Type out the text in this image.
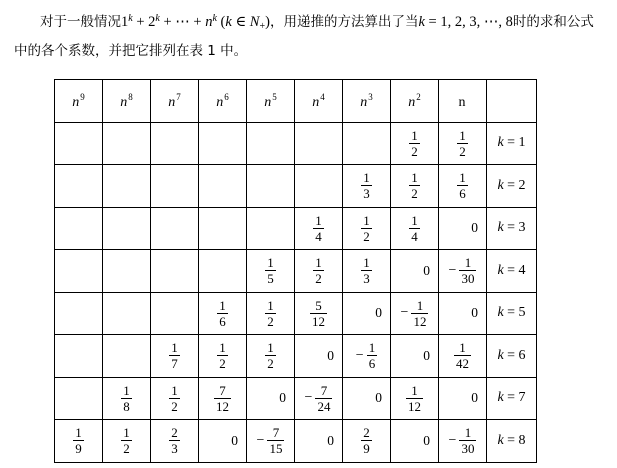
对于一般情况$1^k + 2^k$ + ⋯ + $n^k$ (k ∈ $N_+$)，用递推的方法算出了当k = 1, 2, 3, ⋯, 8时的求和公式
中的各个系数，并把它排列在表 1 中。
$n^9$	$n^8$	$n^7$	$n^6$	$n^5$	$n^4$	$n^3$	$n^2$	n	

							$\frac{1}{2}$	$\frac{1}{2}$	k = 1

						$\frac{1}{3}$	$\frac{1}{2}$	$\frac{1}{6}$	k = 2

					$\frac{1}{4}$	$\frac{1}{2}$	$\frac{1}{4}$	0	k = 3

				$\frac{1}{5}$	$\frac{1}{2}$	$\frac{1}{3}$	0	− $\frac{1}{30}$	k = 4

			$\frac{1}{6}$	$\frac{1}{2}$	$\frac{5}{12}$	0	− $\frac{1}{12}$	0	k = 5

		$\frac{1}{7}$	$\frac{1}{2}$	$\frac{1}{2}$	0	− $\frac{1}{6}$	0	$\frac{1}{42}$	k = 6

	$\frac{1}{8}$	$\frac{1}{2}$	$\frac{7}{12}$	0	− $\frac{7}{24}$	0	$\frac{1}{12}$	0	k = 7

$\frac{1}{9}$	$\frac{1}{2}$	$\frac{2}{3}$	0	− $\frac{7}{15}$	0	$\frac{2}{9}$	0	− $\frac{1}{30}$	k = 8
